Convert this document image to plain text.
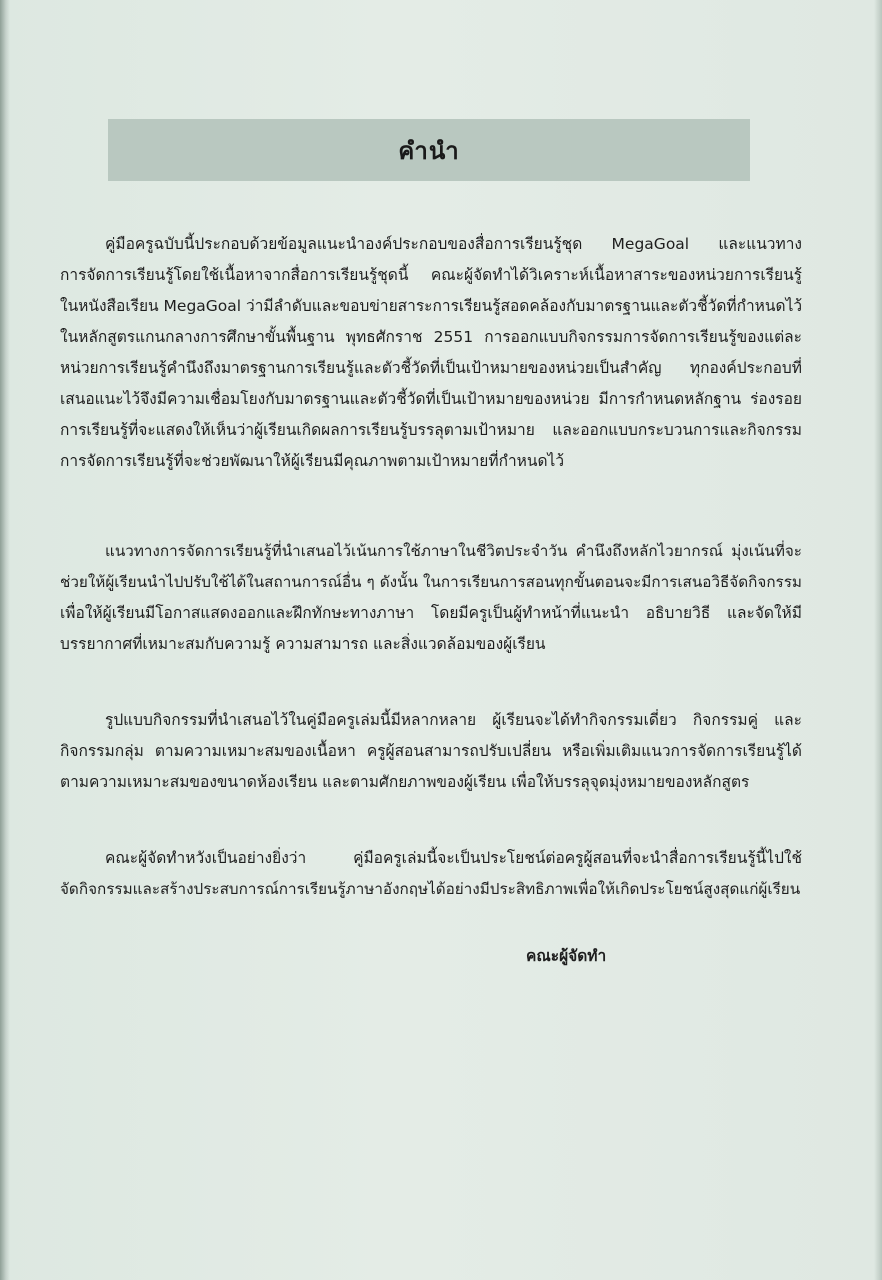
คำนำ
คู่มือครูฉบับนี้ประกอบด้วยข้อมูลแนะนำองค์ประกอบของสื่อการเรียนรู้ชุด MegaGoal และแนวทาง
การจัดการเรียนรู้โดยใช้เนื้อหาจากสื่อการเรียนรู้ชุดนี้ คณะผู้จัดทำได้วิเคราะห์เนื้อหาสาระของหน่วยการเรียนรู้
ในหนังสือเรียน MegaGoal ว่ามีลำดับและขอบข่ายสาระการเรียนรู้สอดคล้องกับมาตรฐานและตัวชี้วัดที่กำหนดไว้
ในหลักสูตรแกนกลางการศึกษาขั้นพื้นฐาน พุทธศักราช 2551 การออกแบบกิจกรรมการจัดการเรียนรู้ของแต่ละ
หน่วยการเรียนรู้คำนึงถึงมาตรฐานการเรียนรู้และตัวชี้วัดที่เป็นเป้าหมายของหน่วยเป็นสำคัญ ทุกองค์ประกอบที่
เสนอแนะไว้จึงมีความเชื่อมโยงกับมาตรฐานและตัวชี้วัดที่เป็นเป้าหมายของหน่วย มีการกำหนดหลักฐาน ร่องรอย
การเรียนรู้ที่จะแสดงให้เห็นว่าผู้เรียนเกิดผลการเรียนรู้บรรลุตามเป้าหมาย และออกแบบกระบวนการและกิจกรรม
การจัดการเรียนรู้ที่จะช่วยพัฒนาให้ผู้เรียนมีคุณภาพตามเป้าหมายที่กำหนดไว้
แนวทางการจัดการเรียนรู้ที่นำเสนอไว้เน้นการใช้ภาษาในชีวิตประจำวัน คำนึงถึงหลักไวยากรณ์ มุ่งเน้นที่จะ
ช่วยให้ผู้เรียนนำไปปรับใช้ได้ในสถานการณ์อื่น ๆ ดังนั้น ในการเรียนการสอนทุกขั้นตอนจะมีการเสนอวิธีจัดกิจกรรม
เพื่อให้ผู้เรียนมีโอกาสแสดงออกและฝึกทักษะทางภาษา โดยมีครูเป็นผู้ทำหน้าที่แนะนำ อธิบายวิธี และจัดให้มี
บรรยากาศที่เหมาะสมกับความรู้ ความสามารถ และสิ่งแวดล้อมของผู้เรียน
รูปแบบกิจกรรมที่นำเสนอไว้ในคู่มือครูเล่มนี้มีหลากหลาย ผู้เรียนจะได้ทำกิจกรรมเดี่ยว กิจกรรมคู่ และ
กิจกรรมกลุ่ม ตามความเหมาะสมของเนื้อหา ครูผู้สอนสามารถปรับเปลี่ยน หรือเพิ่มเติมแนวการจัดการเรียนรู้ได้
ตามความเหมาะสมของขนาดห้องเรียน และตามศักยภาพของผู้เรียน เพื่อให้บรรลุจุดมุ่งหมายของหลักสูตร
คณะผู้จัดทำหวังเป็นอย่างยิ่งว่า คู่มือครูเล่มนี้จะเป็นประโยชน์ต่อครูผู้สอนที่จะนำสื่อการเรียนรู้นี้ไปใช้
จัดกิจกรรมและสร้างประสบการณ์การเรียนรู้ภาษาอังกฤษได้อย่างมีประสิทธิภาพเพื่อให้เกิดประโยชน์สูงสุดแก่ผู้เรียน
คณะผู้จัดทำ
